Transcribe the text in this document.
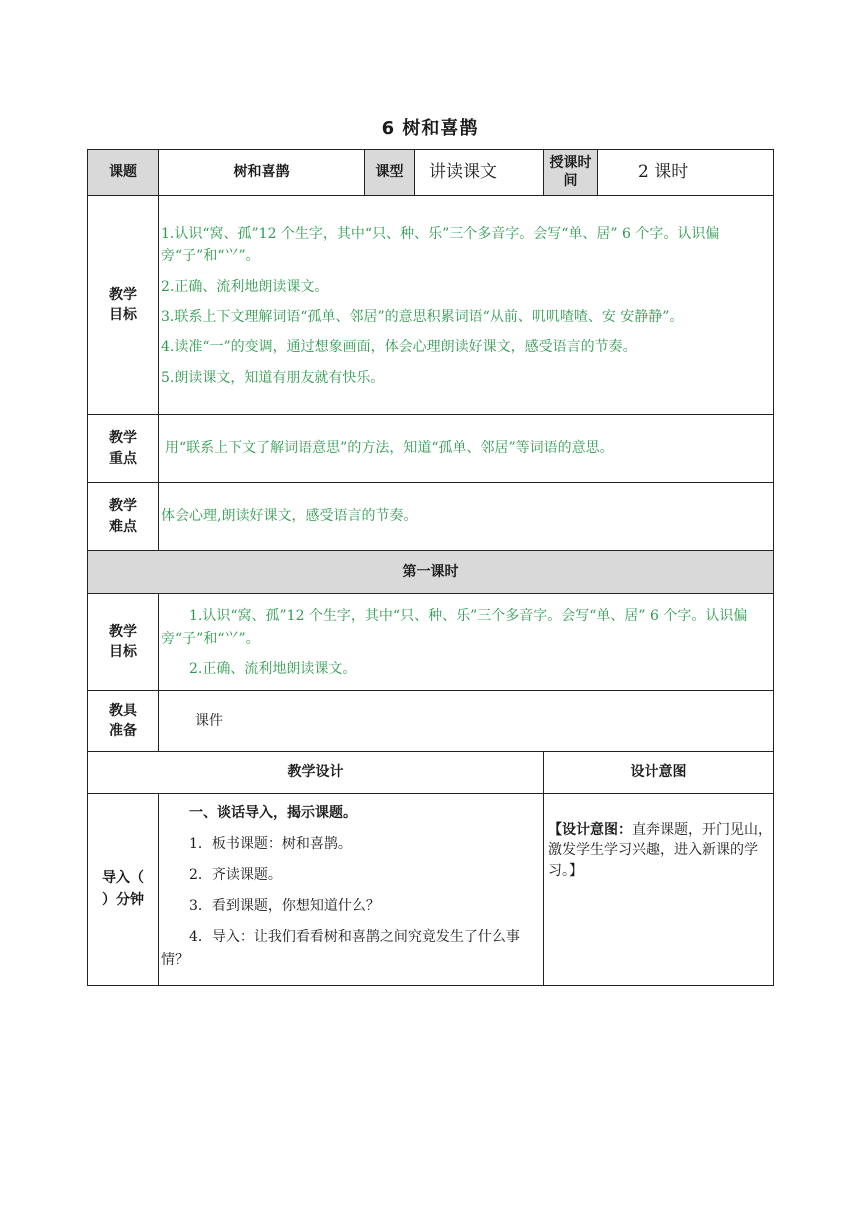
6 树和喜鹊
课题	树和喜鹊	课型	讲读课文	授课时间	2 课时

教学目标	1.认识“窝、孤”12 个生字，其中“只、种、乐”三个多音字。会写“单、居” 6 个字。认识偏旁“子”和“⺍”。

2.正确、流利地朗读课文。

3.联系上下文理解词语“孤单、邻居”的意思积累词语“从前、叽叽喳喳、安 安静静”。

4.读准“一”的变调，通过想象画面，体会心理朗读好课文，感受语言的节奏。

5.朗读课文，知道有朋友就有快乐。				

教学重点	用“联系上下文了解词语意思”的方法，知道“孤单、邻居”等词语的意思。				

教学难点	体会心理,朗读好课文，感受语言的节奏。				
第一课时					

教学目标	1.认识“窝、孤”12 个生字，其中“只、种、乐”三个多音字。会写“单、居” 6 个字。认识偏旁“子”和“⺍”。

2.正确、流利地朗读课文。				

教具准备	课件				
教学设计				设计意图	

导入（ ）分钟	一、谈话导入，揭示课题。

1．板书课题：树和喜鹊。

2．齐读课题。

3．看到课题，你想知道什么？

4．导入：让我们看看树和喜鹊之间究竟发生了什么事情？			【设计意图：直奔课题，开门见山，激发学生学习兴趣，进入新课的学习。】	
